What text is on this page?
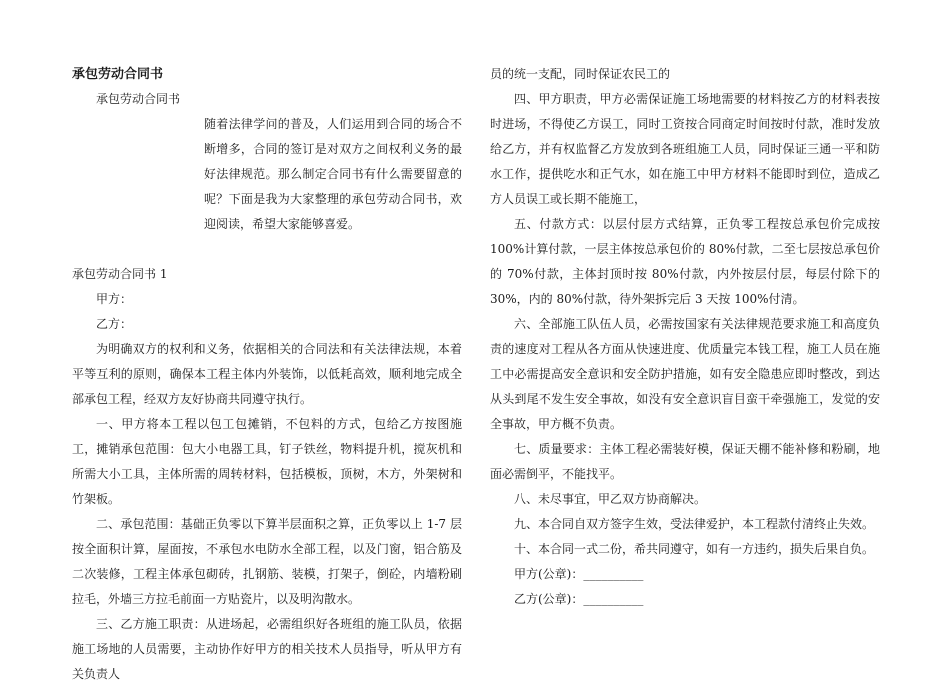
承包劳动合同书

承包劳动合同书

随着法律学问的普及，人们运用到合同的场合不断增多，合同的签订是对双方之间权利义务的最好法律规范。那么制定合同书有什么需要留意的呢？下面是我为大家整理的承包劳动合同书，欢迎阅读，希望大家能够喜爱。

承包劳动合同书 1

甲方：

乙方：

为明确双方的权利和义务，依据相关的合同法和有关法律法规，本着平等互利的原则，确保本工程主体内外装饰，以低耗高效，顺利地完成全部承包工程，经双方友好协商共同遵守执行。

一、甲方将本工程以包工包摊销，不包料的方式，包给乙方按图施工，摊销承包范围：包大小电器工具，钉子铁丝，物料提升机，搅灰机和所需大小工具，主体所需的周转材料，包括模板，顶树，木方，外架树和竹架板。

二、承包范围：基础正负零以下算半层面积之算，正负零以上 1-7 层按全面积计算，屋面按，不承包水电防水全部工程，以及门窗，铝合筋及二次装修，工程主体承包砌砖，扎钢筋、装模，打架子，倒砼，内墙粉刷拉毛，外墙三方拉毛前面一方贴瓷片，以及明沟散水。

三、乙方施工职责：从进场起，必需组织好各班组的施工队员，依据施工场地的人员需要，主动协作好甲方的相关技术人员指导，听从甲方有关负责人

员的统一支配，同时保证农民工的

四、甲方职责，甲方必需保证施工场地需要的材料按乙方的材料表按时进场，不得使乙方误工，同时工资按合同商定时间按时付款，准时发放给乙方，并有权监督乙方发放到各班组施工人员，同时保证三通一平和防水工作，提供吃水和正气水，如在施工中甲方材料不能即时到位，造成乙方人员误工或长期不能施工，

五、付款方式：以层付层方式结算，正负零工程按总承包价完成按 100%计算付款，一层主体按总承包价的 80%付款，二至七层按总承包价的 70%付款，主体封顶时按 80%付款，内外按层付层，每层付除下的 30%，内的 80%付款，待外架拆完后 3 天按 100%付清。

六、全部施工队伍人员，必需按国家有关法律规范要求施工和高度负责的速度对工程从各方面从快速进度、优质量完本钱工程，施工人员在施工中必需提高安全意识和安全防护措施，如有安全隐患应即时整改，到达从头到尾不发生安全事故，如没有安全意识盲目蛮干牵强施工，发觉的安全事故，甲方概不负责。

七、质量要求：主体工程必需装好模，保证天棚不能补修和粉刷，地面必需倒平，不能找平。

八、未尽事宜，甲乙双方协商解决。

九、本合同自双方签字生效，受法律爱护，本工程款付清终止失效。

十、本合同一式二份，希共同遵守，如有一方违约，损失后果自负。

甲方(公章)：__________

乙方(公章)：__________
